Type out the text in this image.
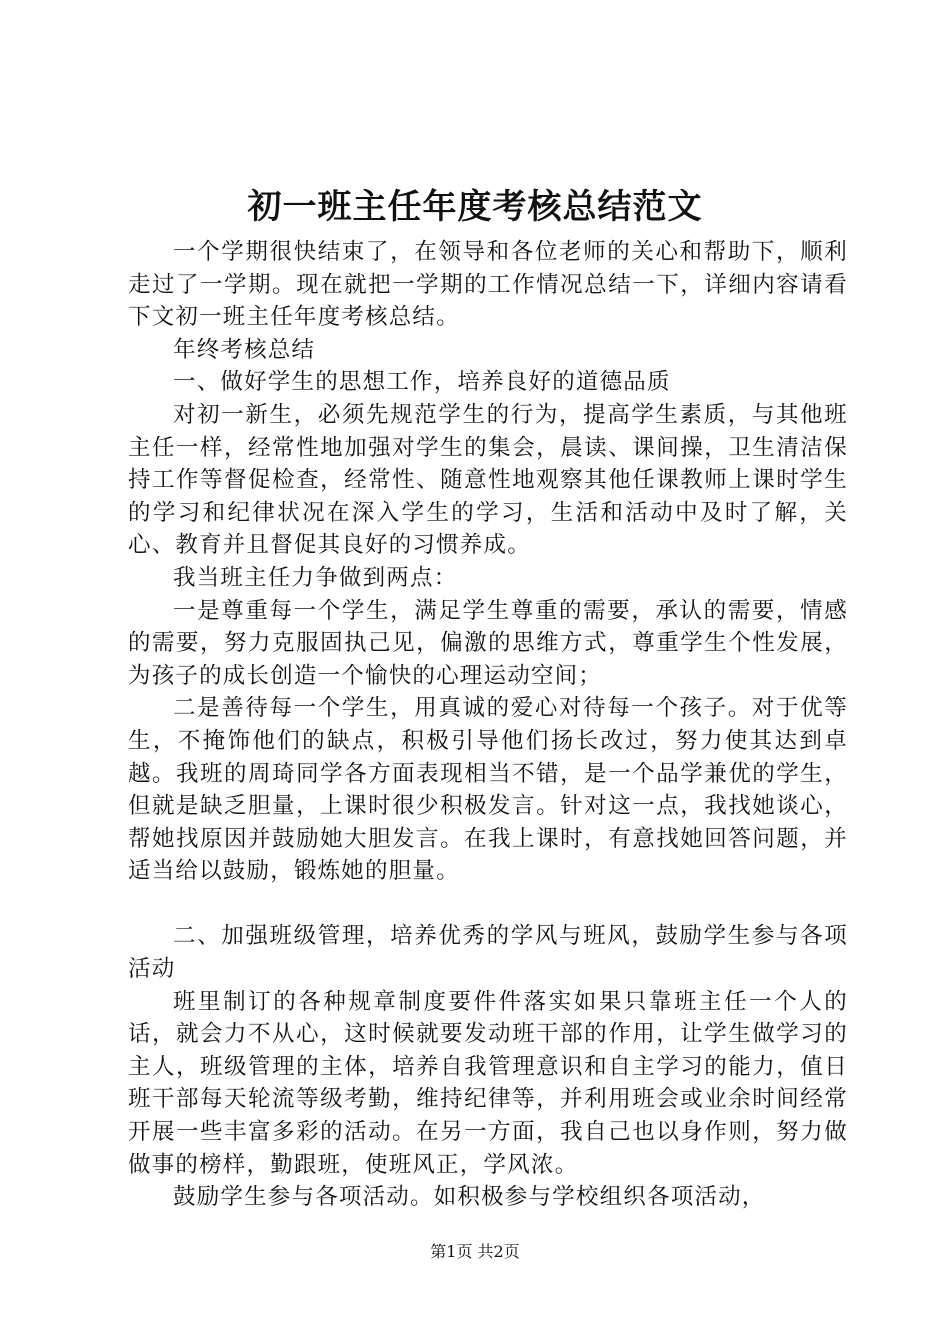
初一班主任年度考核总结范文

一个学期很快结束了，在领导和各位老师的关心和帮助下，顺利走过了一学期。现在就把一学期的工作情况总结一下，详细内容请看下文初一班主任年度考核总结。

年终考核总结

一、做好学生的思想工作，培养良好的道德品质

对初一新生，必须先规范学生的行为，提高学生素质，与其他班主任一样，经常性地加强对学生的集会，晨读、课间操，卫生清洁保持工作等督促检查，经常性、随意性地观察其他任课教师上课时学生的学习和纪律状况在深入学生的学习，生活和活动中及时了解，关心、教育并且督促其良好的习惯养成。

我当班主任力争做到两点：

一是尊重每一个学生，满足学生尊重的需要，承认的需要，情感的需要，努力克服固执己见，偏激的思维方式，尊重学生个性发展，为孩子的成长创造一个愉快的心理运动空间；

二是善待每一个学生，用真诚的爱心对待每一个孩子。对于优等生，不掩饰他们的缺点，积极引导他们扬长改过，努力使其达到卓越。我班的周琦同学各方面表现相当不错，是一个品学兼优的学生，但就是缺乏胆量，上课时很少积极发言。针对这一点，我找她谈心，帮她找原因并鼓励她大胆发言。在我上课时，有意找她回答问题，并适当给以鼓励，锻炼她的胆量。

二、加强班级管理，培养优秀的学风与班风，鼓励学生参与各项活动

班里制订的各种规章制度要件件落实如果只靠班主任一个人的话，就会力不从心，这时候就要发动班干部的作用，让学生做学习的主人，班级管理的主体，培养自我管理意识和自主学习的能力，值日班干部每天轮流等级考勤，维持纪律等，并利用班会或业余时间经常开展一些丰富多彩的活动。在另一方面，我自己也以身作则，努力做做事的榜样，勤跟班，使班风正，学风浓。

鼓励学生参与各项活动。如积极参与学校组织各项活动，

第1页 共2页
